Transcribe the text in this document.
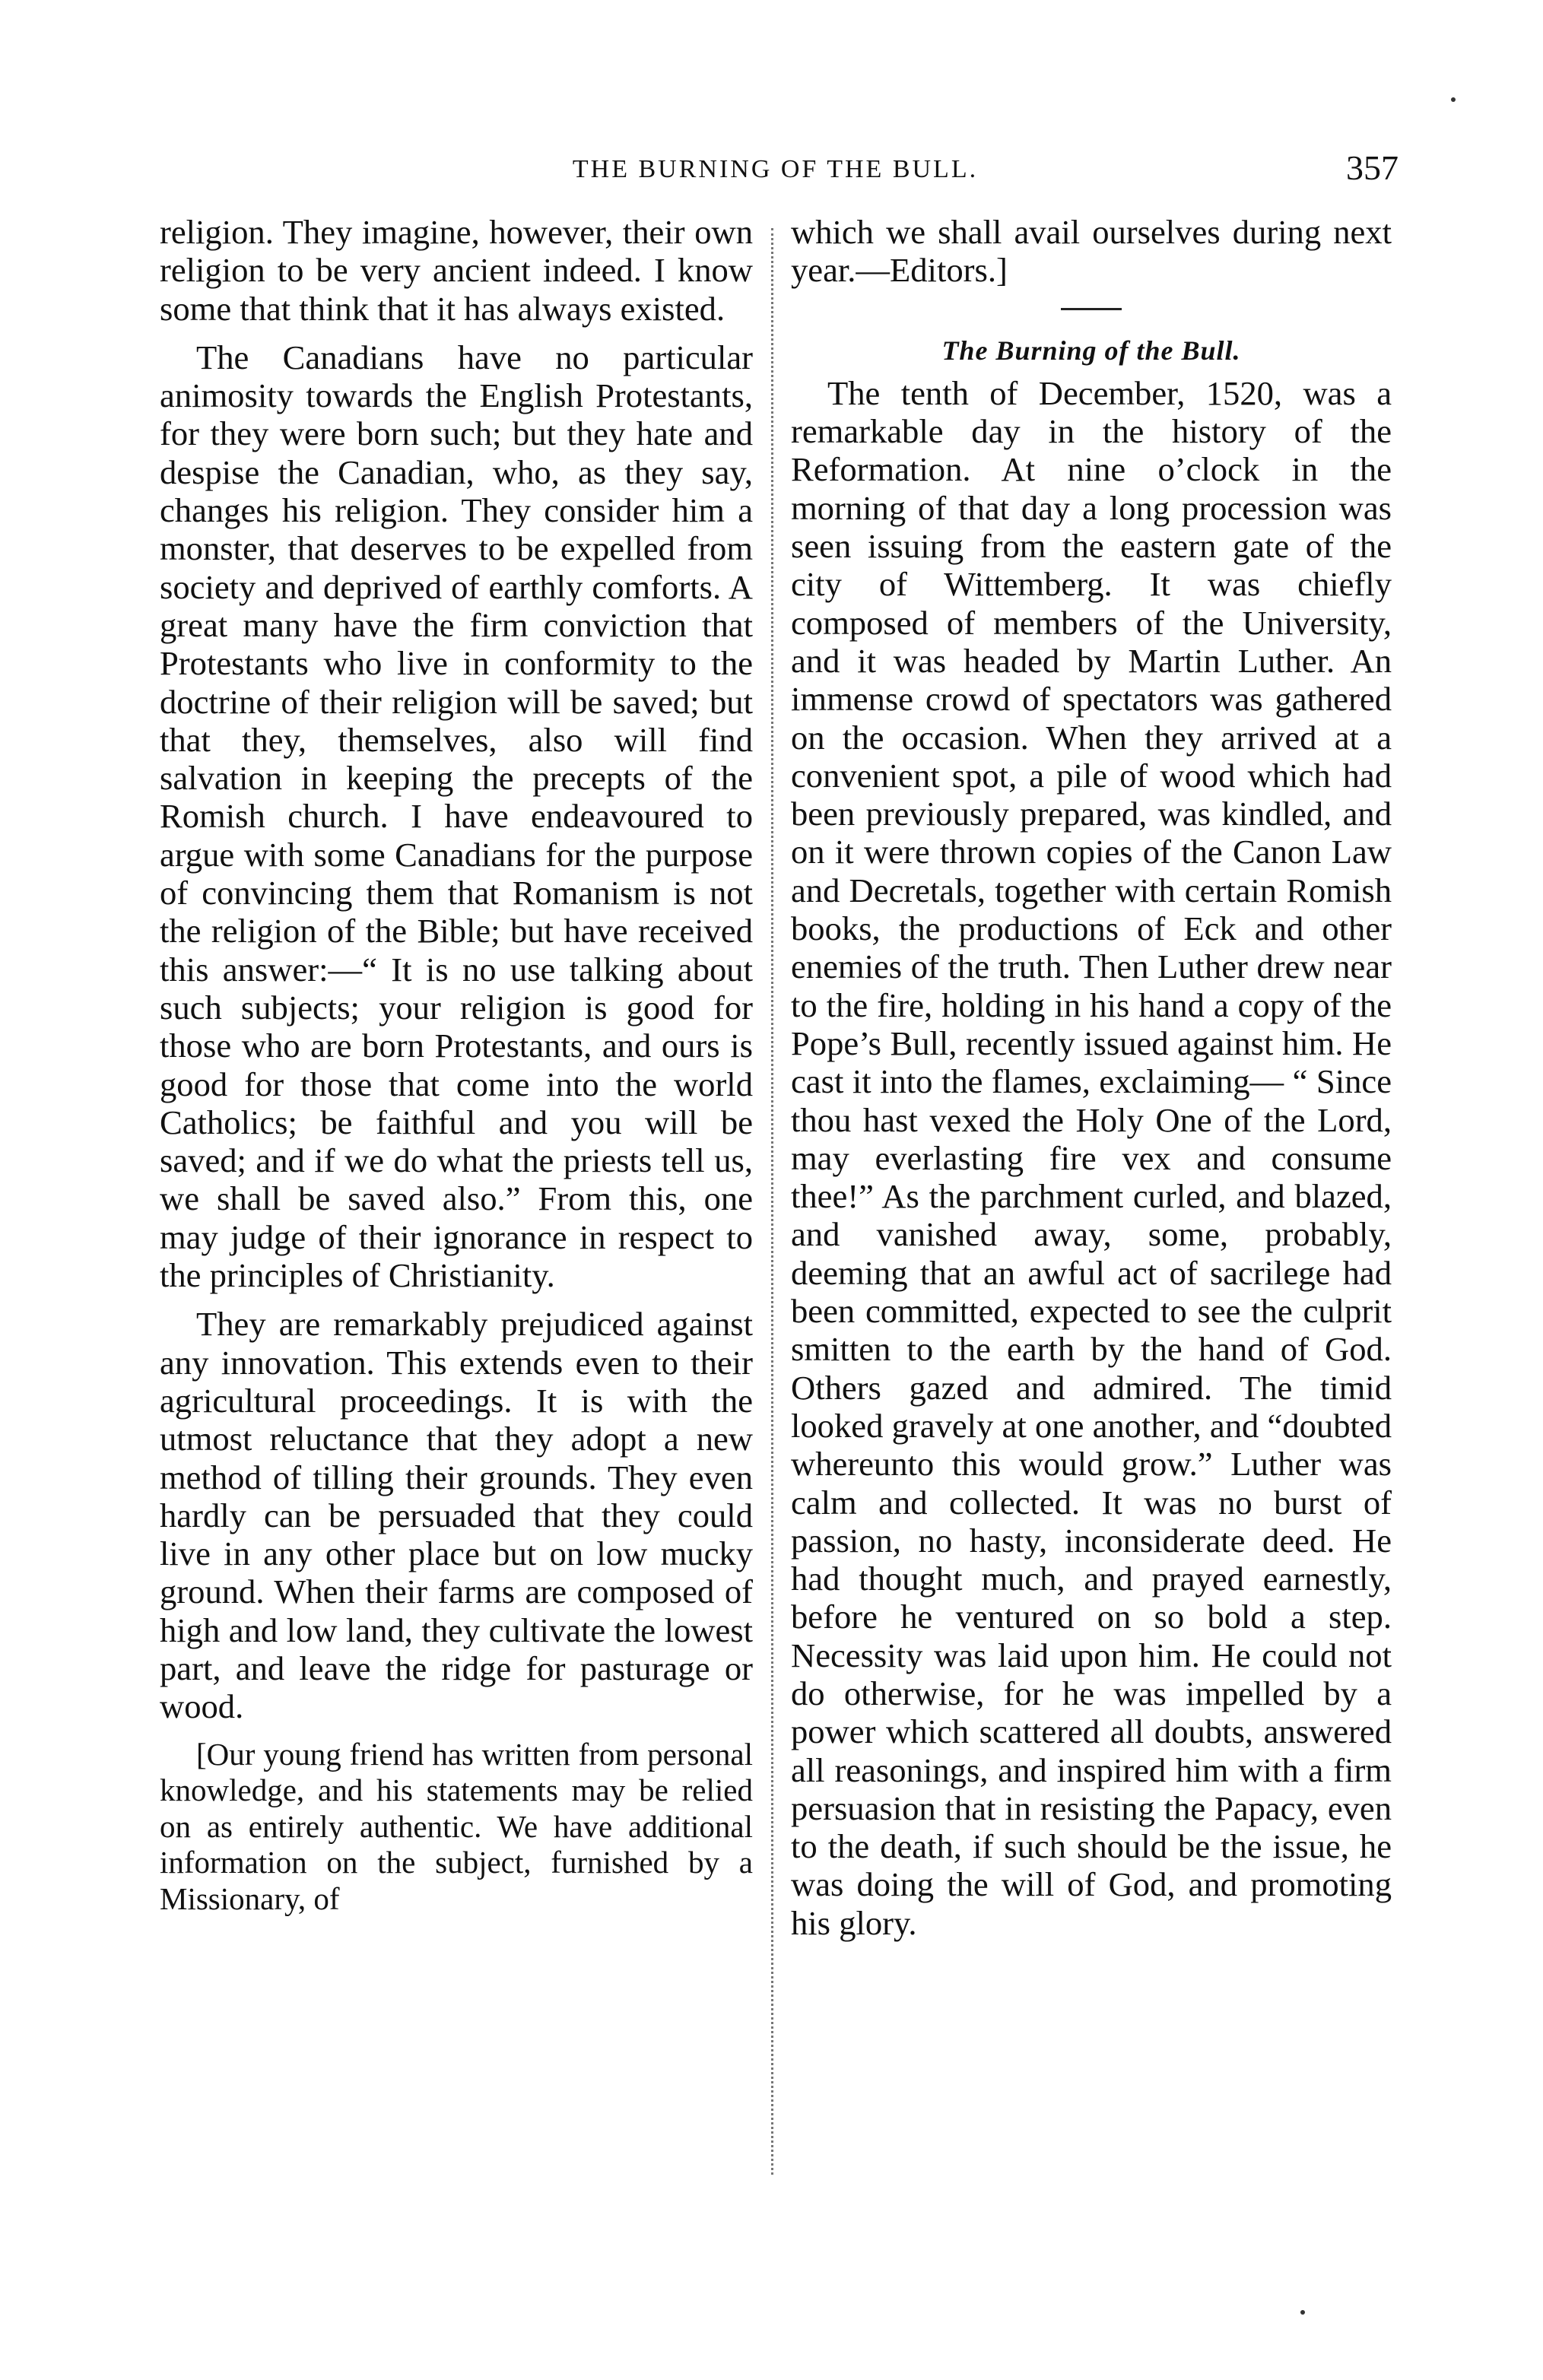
THE BURNING OF THE BULL.	357

religion. They imagine, however, their own religion to be very ancient indeed. I know some that think that it has always existed.

The Canadians have no particular animosity towards the English Protestants, for they were born such; but they hate and despise the Canadian, who, as they say, changes his religion. They consider him a monster, that deserves to be expelled from society and deprived of earthly comforts. A great many have the firm conviction that Protestants who live in conformity to the doctrine of their religion will be saved; but that they, themselves, also will find salvation in keeping the precepts of the Romish church. I have endeavoured to argue with some Canadians for the purpose of convincing them that Romanism is not the religion of the Bible; but have received this answer:—“ It is no use talking about such subjects; your religion is good for those who are born Protestants, and ours is good for those that come into the world Catholics; be faithful and you will be saved; and if we do what the priests tell us, we shall be saved also.” From this, one may judge of their ignorance in respect to the principles of Christianity.

They are remarkably prejudiced against any innovation. This extends even to their agricultural proceedings. It is with the utmost reluctance that they adopt a new method of tilling their grounds. They even hardly can be persuaded that they could live in any other place but on low mucky ground. When their farms are composed of high and low land, they cultivate the lowest part, and leave the ridge for pasturage or wood.

[Our young friend has written from personal knowledge, and his statements may be relied on as entirely authentic. We have additional information on the subject, furnished by a Missionary, of

which we shall avail ourselves during next year.—Editors.]

The Burning of the Bull.

The tenth of December, 1520, was a remarkable day in the history of the Reformation. At nine o’clock in the morning of that day a long procession was seen issuing from the eastern gate of the city of Wittemberg. It was chiefly composed of members of the University, and it was headed by Martin Luther. An immense crowd of spectators was gathered on the occasion. When they arrived at a convenient spot, a pile of wood which had been previously prepared, was kindled, and on it were thrown copies of the Canon Law and Decretals, together with certain Romish books, the productions of Eck and other enemies of the truth. Then Luther drew near to the fire, holding in his hand a copy of the Pope’s Bull, recently issued against him. He cast it into the flames, exclaiming— “ Since thou hast vexed the Holy One of the Lord, may everlasting fire vex and consume thee!” As the parchment curled, and blazed, and vanished away, some, probably, deeming that an awful act of sacrilege had been committed, expected to see the culprit smitten to the earth by the hand of God. Others gazed and admired. The timid looked gravely at one another, and “doubted whereunto this would grow.” Luther was calm and collected. It was no burst of passion, no hasty, inconsiderate deed. He had thought much, and prayed earnestly, before he ventured on so bold a step. Necessity was laid upon him. He could not do otherwise, for he was impelled by a power which scattered all doubts, answered all reasonings, and inspired him with a firm persuasion that in resisting the Papacy, even to the death, if such should be the issue, he was doing the will of God, and promoting his glory.
